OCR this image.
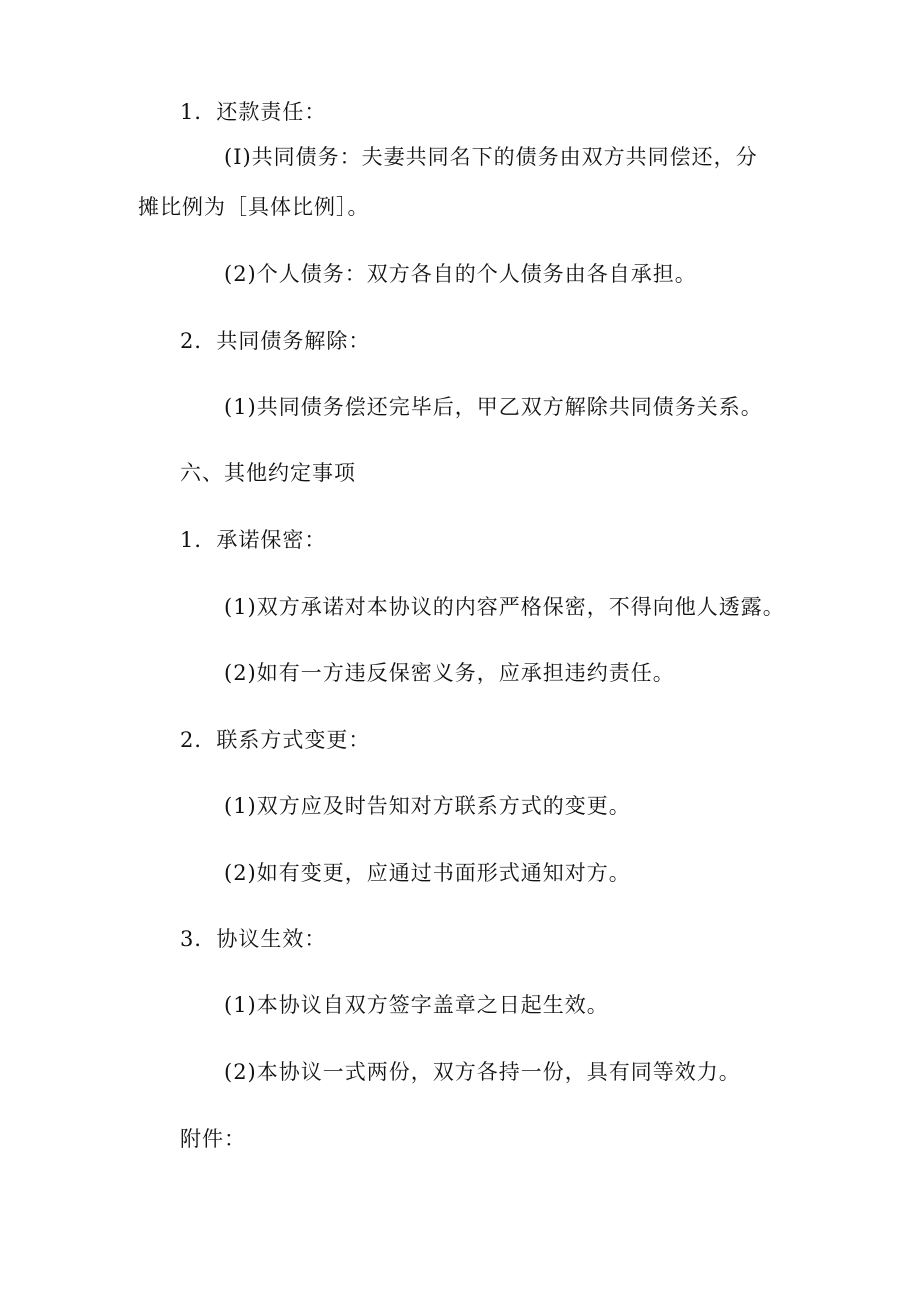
1．还款责任：
(I)共同债务：夫妻共同名下的债务由双方共同偿还，分
摊比例为［具体比例］。
(2)个人债务：双方各自的个人债务由各自承担。
2．共同债务解除：
(1)共同债务偿还完毕后，甲乙双方解除共同债务关系。
六、其他约定事项
1．承诺保密：
(1)双方承诺对本协议的内容严格保密，不得向他人透露。
(2)如有一方违反保密义务，应承担违约责任。
2．联系方式变更：
(1)双方应及时告知对方联系方式的变更。
(2)如有变更，应通过书面形式通知对方。
3．协议生效：
(1)本协议自双方签字盖章之日起生效。
(2)本协议一式两份，双方各持一份，具有同等效力。
附件：
